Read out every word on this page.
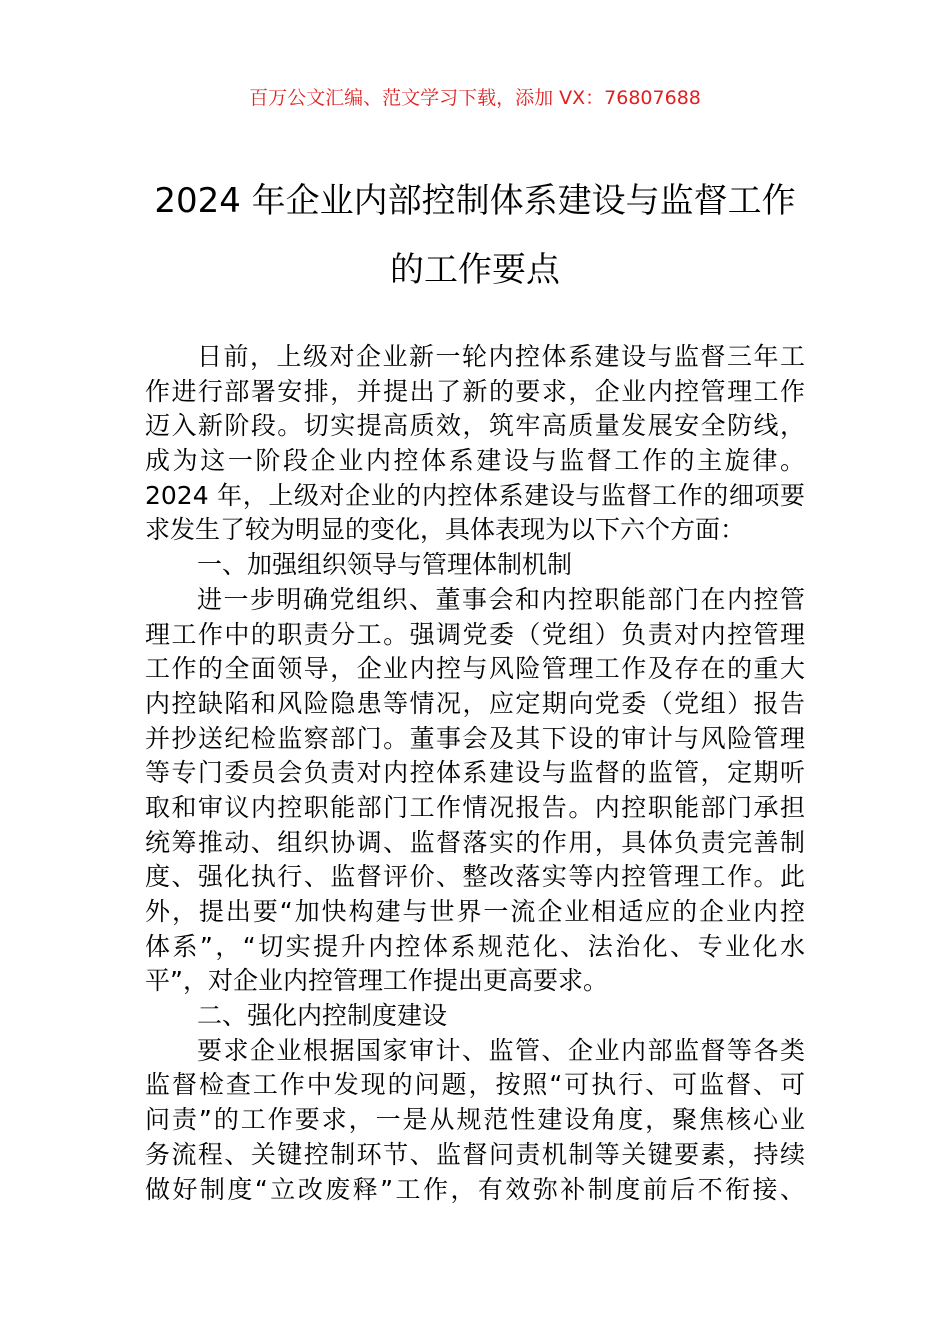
百万公文汇编、范文学习下载，添加 VX：76807688
2024 年企业内部控制体系建设与监督工作
的工作要点
日前，上级对企业新一轮内控体系建设与监督三年工
作进行部署安排，并提出了新的要求，企业内控管理工作
迈入新阶段。切实提高质效，筑牢高质量发展安全防线，
成为这一阶段企业内控体系建设与监督工作的主旋律。
2024 年，上级对企业的内控体系建设与监督工作的细项要
求发生了较为明显的变化，具体表现为以下六个方面：
一、加强组织领导与管理体制机制
进一步明确党组织、董事会和内控职能部门在内控管
理工作中的职责分工。强调党委（党组）负责对内控管理
工作的全面领导，企业内控与风险管理工作及存在的重大
内控缺陷和风险隐患等情况，应定期向党委（党组）报告
并抄送纪检监察部门。董事会及其下设的审计与风险管理
等专门委员会负责对内控体系建设与监督的监管，定期听
取和审议内控职能部门工作情况报告。内控职能部门承担
统筹推动、组织协调、监督落实的作用，具体负责完善制
度、强化执行、监督评价、整改落实等内控管理工作。此
外，提出要“加快构建与世界一流企业相适应的企业内控
体系”，“切实提升内控体系规范化、法治化、专业化水
平”，对企业内控管理工作提出更高要求。
二、强化内控制度建设
要求企业根据国家审计、监管、企业内部监督等各类
监督检查工作中发现的问题，按照“可执行、可监督、可
问责”的工作要求，一是从规范性建设角度，聚焦核心业
务流程、关键控制环节、监督问责机制等关键要素，持续
做好制度“立改废释”工作，有效弥补制度前后不衔接、
